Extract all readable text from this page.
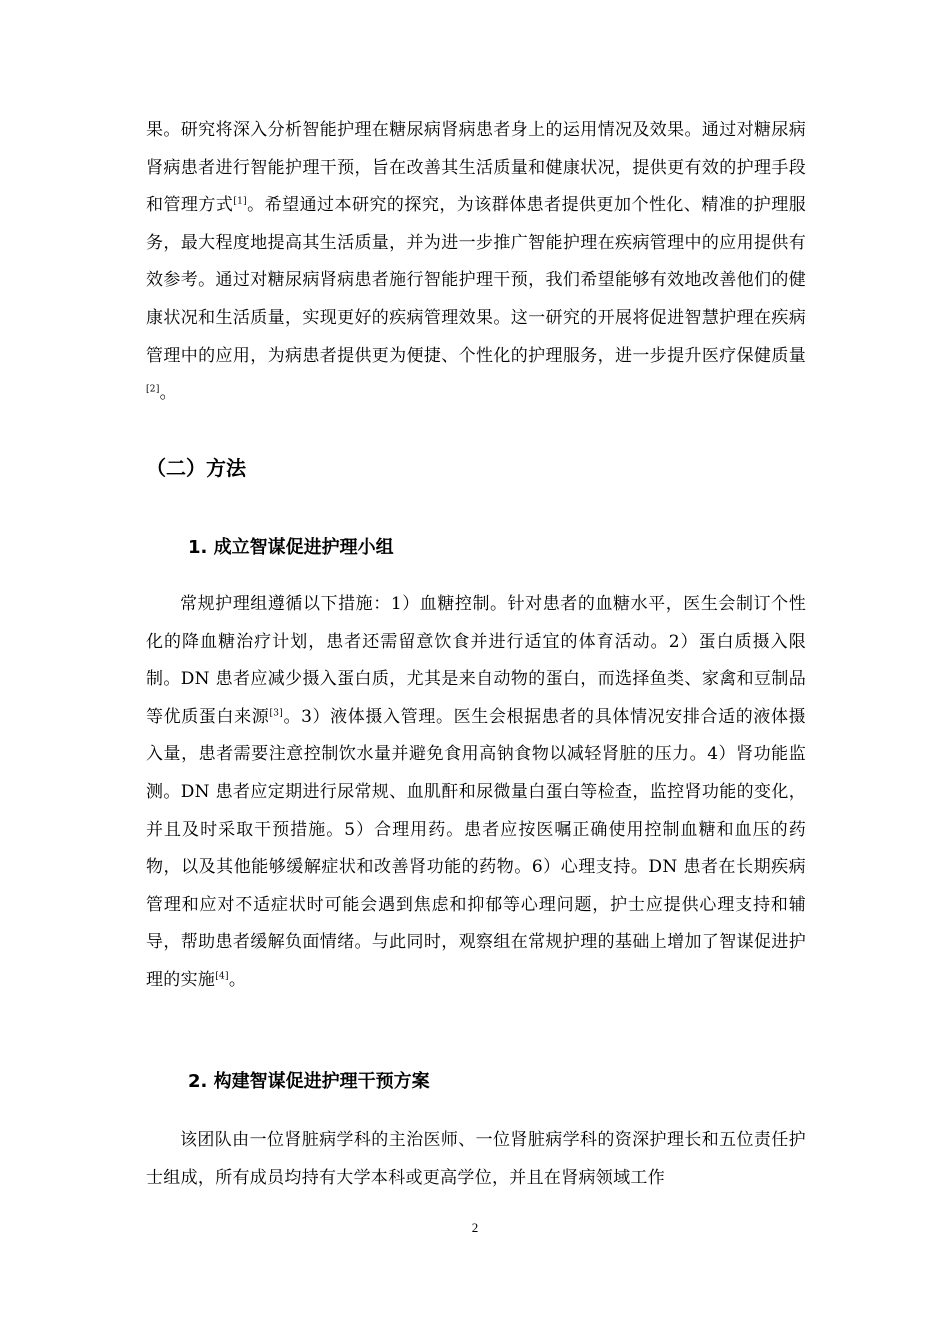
果。研究将深入分析智能护理在糖尿病肾病患者身上的运用情况及效果。通过对糖尿病肾病患者进行智能护理干预，旨在改善其生活质量和健康状况，提供更有效的护理手段和管理方式[1]。希望通过本研究的探究，为该群体患者提供更加个性化、精准的护理服务，最大程度地提高其生活质量，并为进一步推广智能护理在疾病管理中的应用提供有效参考。通过对糖尿病肾病患者施行智能护理干预，我们希望能够有效地改善他们的健康状况和生活质量，实现更好的疾病管理效果。这一研究的开展将促进智慧护理在疾病管理中的应用，为病患者提供更为便捷、个性化的护理服务，进一步提升医疗保健质量[2]。

（二）方法
1. 成立智谋促进护理小组

常规护理组遵循以下措施：1）血糖控制。针对患者的血糖水平，医生会制订个性化的降血糖治疗计划，患者还需留意饮食并进行适宜的体育活动。2）蛋白质摄入限制。DN 患者应减少摄入蛋白质，尤其是来自动物的蛋白，而选择鱼类、家禽和豆制品等优质蛋白来源[3]。3）液体摄入管理。医生会根据患者的具体情况安排合适的液体摄入量，患者需要注意控制饮水量并避免食用高钠食物以减轻肾脏的压力。4）肾功能监测。DN 患者应定期进行尿常规、血肌酐和尿微量白蛋白等检查，监控肾功能的变化，并且及时采取干预措施。5）合理用药。患者应按医嘱正确使用控制血糖和血压的药物，以及其他能够缓解症状和改善肾功能的药物。6）心理支持。DN 患者在长期疾病管理和应对不适症状时可能会遇到焦虑和抑郁等心理问题，护士应提供心理支持和辅导，帮助患者缓解负面情绪。与此同时，观察组在常规护理的基础上增加了智谋促进护理的实施[4]。

2. 构建智谋促进护理干预方案

该团队由一位肾脏病学科的主治医师、一位肾脏病学科的资深护理长和五位责任护士组成，所有成员均持有大学本科或更高学位，并且在肾病领域工作

2
